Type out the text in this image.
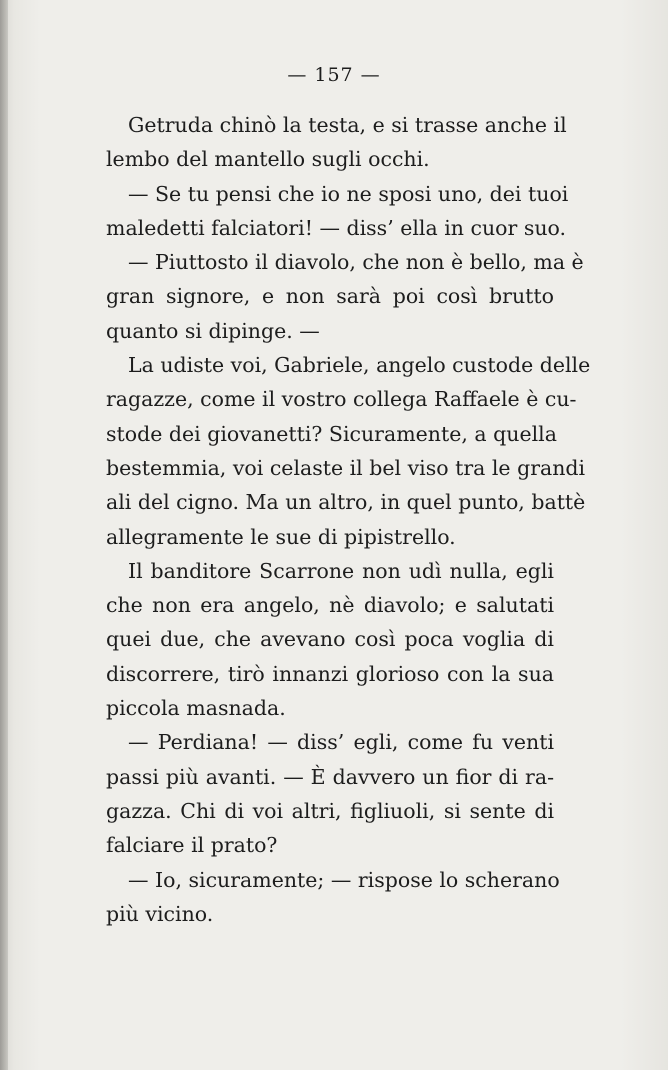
— 157 —
Getruda chinò la testa, e si trasse anche il
lembo del mantello sugli occhi.
— Se tu pensi che io ne sposi uno, dei tuoi
maledetti falciatori! — diss’ ella in cuor suo.
— Piuttosto il diavolo, che non è bello, ma è
gran signore, e non sarà poi così brutto
quanto si dipinge. —
La udiste voi, Gabriele, angelo custode delle
ragazze, come il vostro collega Raffaele è cu-
stode dei giovanetti? Sicuramente, a quella
bestemmia, voi celaste il bel viso tra le grandi
ali del cigno. Ma un altro, in quel punto, battè
allegramente le sue di pipistrello.
Il banditore Scarrone non udì nulla, egli
che non era angelo, nè diavolo; e salutati
quei due, che avevano così poca voglia di
discorrere, tirò innanzi glorioso con la sua
piccola masnada.
— Perdiana! — diss’ egli, come fu venti
passi più avanti. — È davvero un fior di ra-
gazza. Chi di voi altri, figliuoli, si sente di
falciare il prato?
— Io, sicuramente; — rispose lo scherano
più vicino.
